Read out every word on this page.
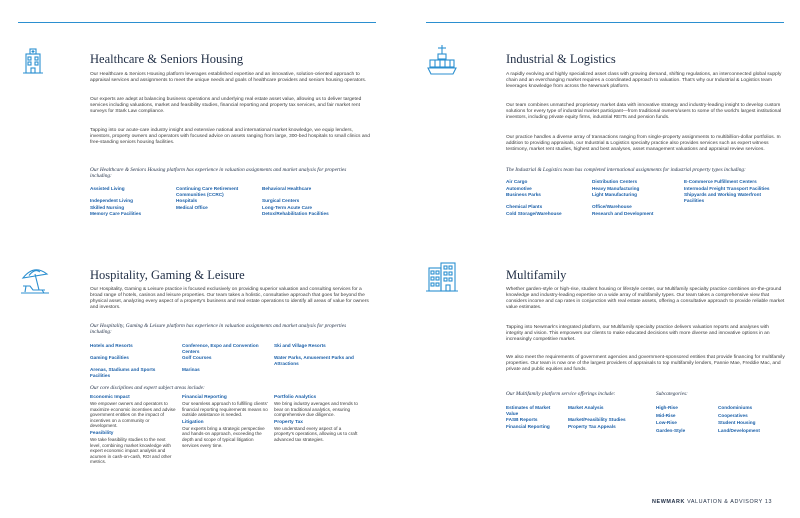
Healthcare & Seniors Housing

Our Healthcare & Seniors Housing platform leverages established expertise and an innovative, solution-oriented approach to appraisal services and assignments to meet the unique needs and goals of healthcare providers and seniors housing operators.

Our experts are adept at balancing business operations and underlying real estate asset value, allowing us to deliver targeted services including valuations, market and feasibility studies, financial reporting and property tax services, and fair market rent surveys for Stark Law compliance.

Tapping into our acute-care industry insight and extensive national and international market knowledge, we equip lenders, investors, property owners and operators with focused advice on assets ranging from large, 300-bed hospitals to small clinics and free-standing seniors housing facilities.

Our Healthcare & Seniors Housing platform has experience in valuation assignments and market analysis for properties including:

Assisted Living
Independent Living
Skilled Nursing
Memory Care Facilities
Continuing Care Retirement Communities (CCRC)
Hospitals
Medical Office
Behavioral Healthcare
Surgical Centers
Long-Term Acute Care
Detox/Rehabilitation Facilities
Hospitality, Gaming & Leisure

Our Hospitality, Gaming & Leisure practice is focused exclusively on providing superior valuation and consulting services for a broad range of hotels, casinos and leisure properties. Our team takes a holistic, consultative approach that goes far beyond the physical asset, analyzing every aspect of a property's business and real estate operations to identify all areas of value for owners and investors.

Our Hospitality, Gaming & Leisure platform has experience in valuation assignments and market analysis for properties including:

Hotels and Resorts
Gaming Facilities
Arenas, Stadiums and Sports Facilities
Conference, Expo and Convention Centers
Golf Courses
Marinas
Ski and Village Resorts
Water Parks, Amusement Parks and Attractions

Our core disciplines and expert subject areas include:

Economic Impact
We empower owners and operators to maximize economic incentives and advise government entities on the impact of incentives on a community or development.
Feasibility
We take feasibility studies to the next level, combining market knowledge with expert economic impact analysis and acumen in cash-on-cash, ROI and other metrics.
Financial Reporting
Our seamless approach to fulfilling clients' financial reporting requirements means no outside assistance is needed.
Litigation
Our experts bring a strategic perspective and hands-on approach, exceeding the depth and scope of typical litigation services every time.
Portfolio Analytics
We bring industry averages and trends to bear on traditional analytics, ensuring comprehensive due diligence.
Property Tax
We understand every aspect of a property's operations, allowing us to craft advanced tax strategies.
Industrial & Logistics

A rapidly evolving and highly specialized asset class with growing demand, shifting regulations, an interconnected global supply chain and an everchanging market requires a coordinated approach to valuation. That's why our Industrial & Logistics team leverages knowledge from across the Newmark platform.

Our team combines unmatched proprietary market data with innovative strategy and industry-leading insight to develop custom solutions for every type of industrial market participant—from traditional owners/users to some of the world's largest institutional investors, including private equity firms, industrial REITs and pension funds.

Our practice handles a diverse array of transactions ranging from single-property assignments to multibillion-dollar portfolios. In addition to providing appraisals, our Industrial & Logistics specialty practice also provides services such as expert witness testimony, market rent studies, highest and best analyses, asset management valuations and appraisal review services.

The Industrial & Logistics team has completed international assignments for industrial property types including:

Air Cargo
Automotive
Business Parks
Chemical Plants
Cold Storage/Warehouse
Distribution Centers
Heavy Manufacturing
Light Manufacturing
Office/Warehouse
Research and Development
E-Commerce Fulfillment Centers
Intermodal Freight Transport Facilities
Shipyards and Working Waterfront Facilities
Multifamily

Whether garden-style or high-rise, student housing or lifestyle center, our Multifamily specialty practice combines on-the-ground knowledge and industry-leading expertise on a wide array of multifamily types. Our team takes a comprehensive view that considers income and cap rates in conjunction with real estate assets, offering a consultative approach to provide reliable market value estimates.

Tapping into Newmark's integrated platform, our Multifamily specialty practice delivers valuation reports and analyses with integrity and vision. This empowers our clients to make educated decisions with more diverse and innovative options in an increasingly competitive market.

We also meet the requirements of government agencies and government-sponsored entities that provide financing for multifamily properties. Our team is now one of the largest providers of appraisals to top multifamily lenders, Fannie Mae, Freddie Mac, and private and public equities and funds.

Our Multifamily platform service offerings include:	Subcategories:

Estimates of Market Value
FASB Reports
Financial Reporting
Market Analysis
Market/Feasibility Studies
Property Tax Appeals
High-Rise
Mid-Rise
Low-Rise
Garden-Style
Condominiums
Cooperatives
Student Housing
Land/Development
NEWMARK VALUATION & ADVISORY 13
